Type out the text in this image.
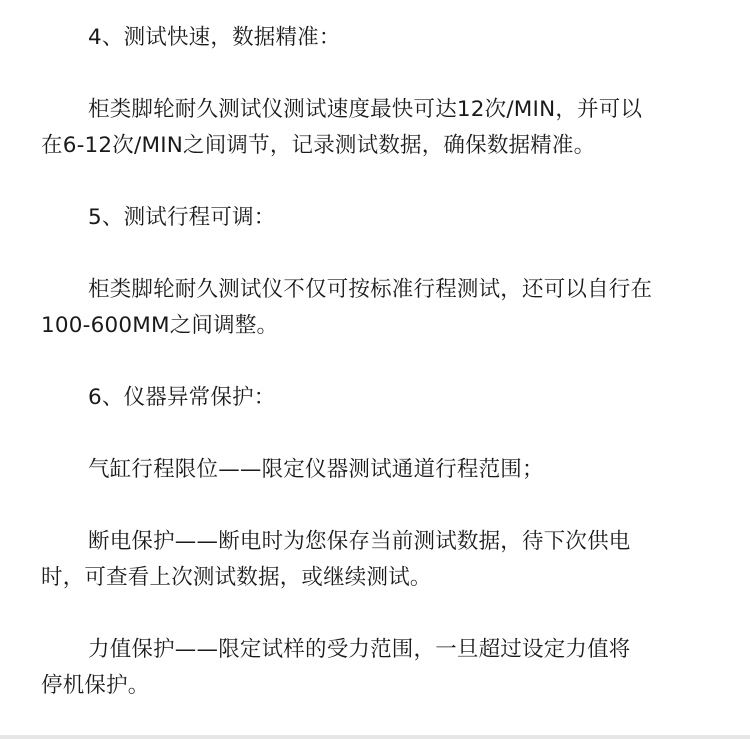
4、测试快速，数据精准：
柜类脚轮耐久测试仪测试速度最快可达12次/MIN，并可以
在6-12次/MIN之间调节，记录测试数据，确保数据精准。
5、测试行程可调：
柜类脚轮耐久测试仪不仅可按标准行程测试，还可以自行在
100-600MM之间调整。
6、仪器异常保护：
气缸行程限位——限定仪器测试通道行程范围；
断电保护——断电时为您保存当前测试数据，待下次供电
时，可查看上次测试数据，或继续测试。
力值保护——限定试样的受力范围，一旦超过设定力值将
停机保护。
